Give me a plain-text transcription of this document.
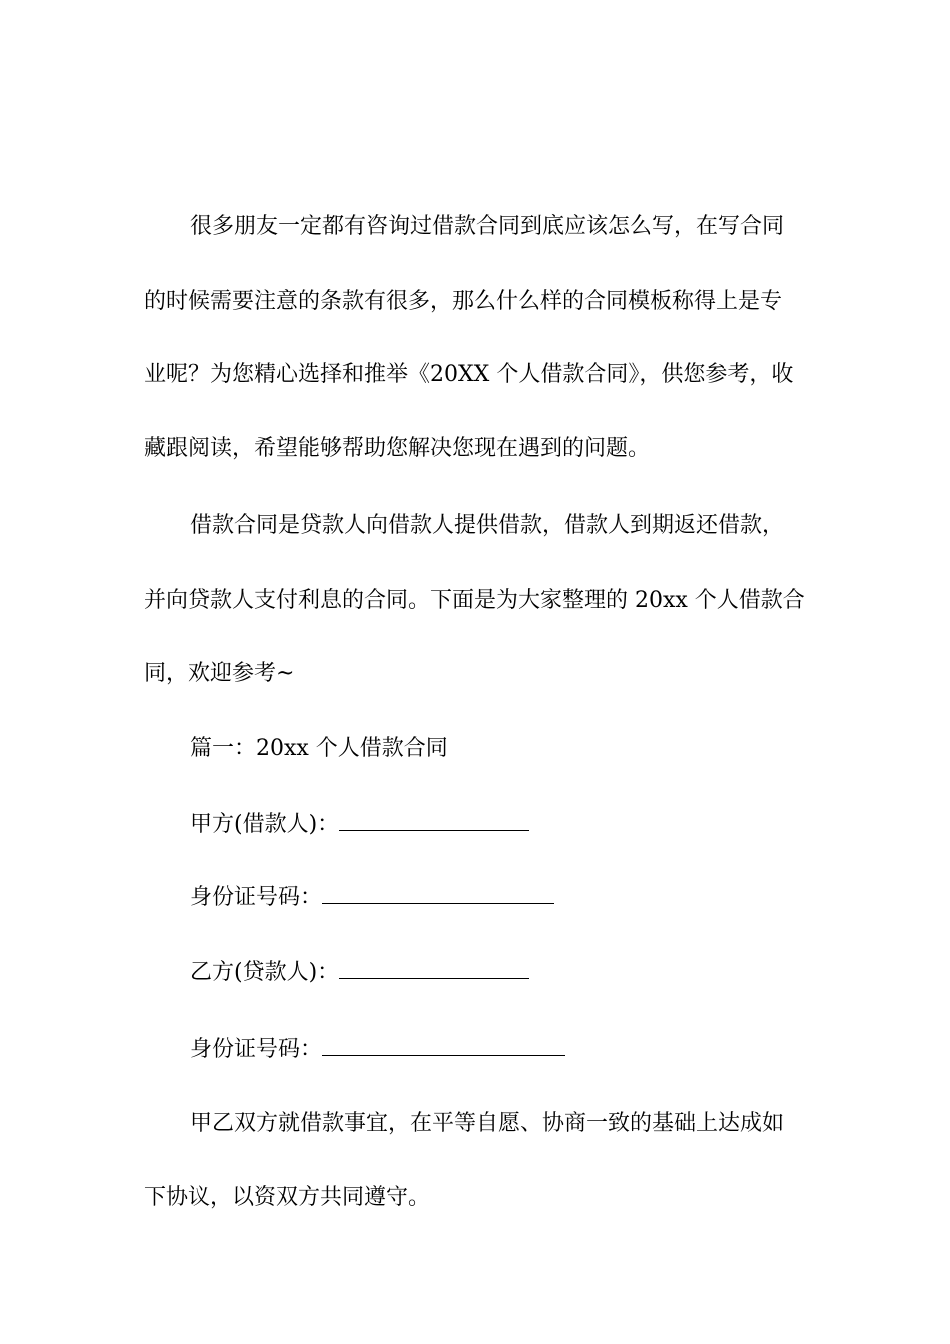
很多朋友一定都有咨询过借款合同到底应该怎么写，在写合同

的时候需要注意的条款有很多，那么什么样的合同模板称得上是专

业呢？为您精心选择和推举《20XX 个人借款合同》，供您参考，收

藏跟阅读，希望能够帮助您解决您现在遇到的问题。

借款合同是贷款人向借款人提供借款，借款人到期返还借款，

并向贷款人支付利息的合同。下面是为大家整理的 20xx 个人借款合

同，欢迎参考~

篇一：20xx 个人借款合同

甲方(借款人)：
身份证号码：
乙方(贷款人)：
身份证号码：

甲乙双方就借款事宜，在平等自愿、协商一致的基础上达成如

下协议，以资双方共同遵守。
